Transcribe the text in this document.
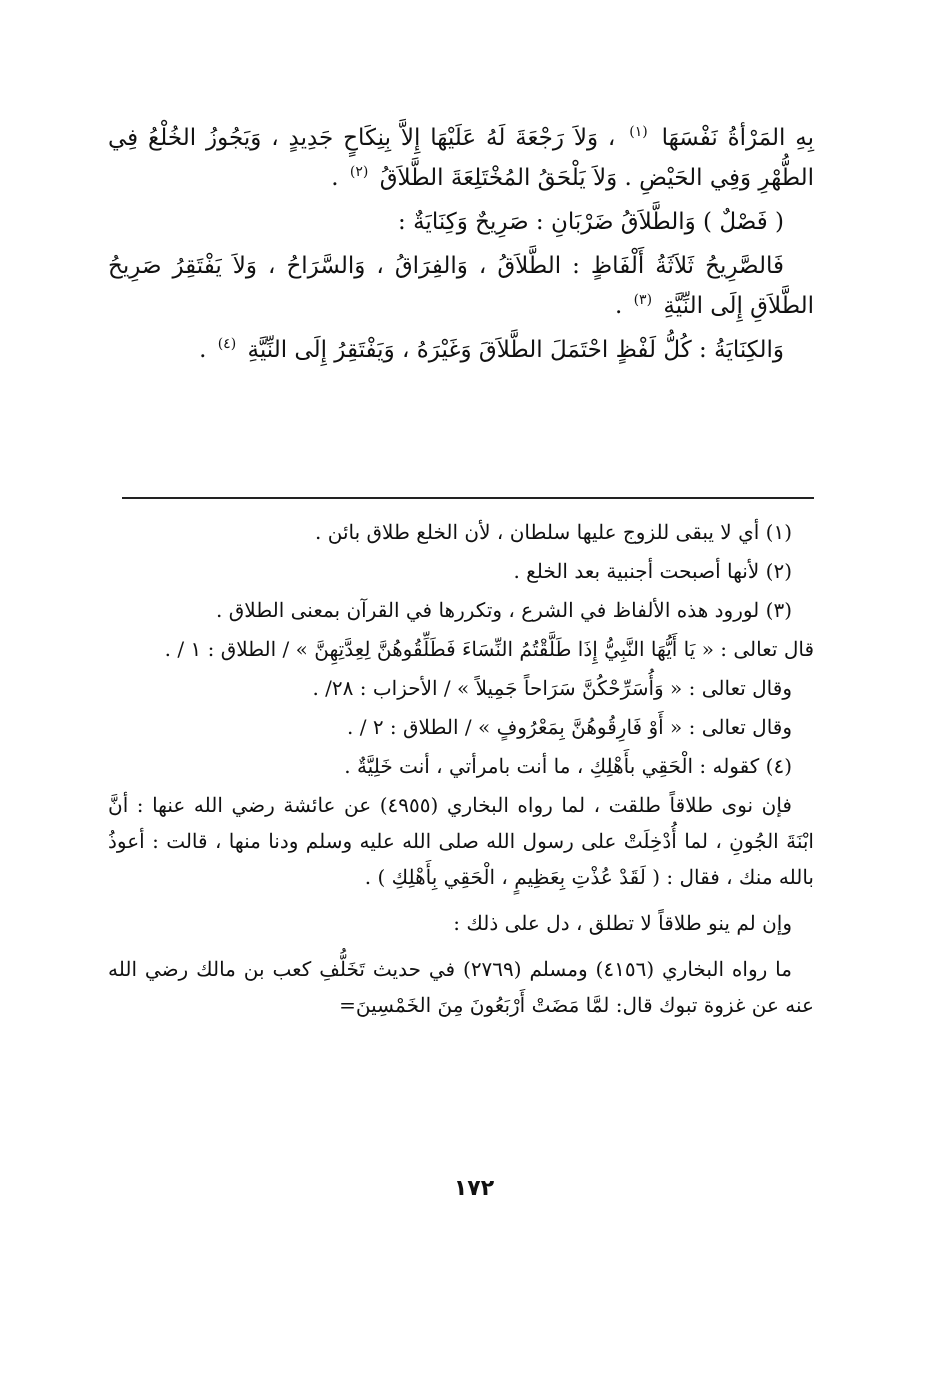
بِهِ المَرْأةُ نَفْسَهَا $^{(١)}$ ، وَلاَ رَجْعَةَ لَهُ عَلَيْهَا إِلاَّ بِنِكَاحٍ جَدِيدٍ ، وَيَجُوزُ الخُلْعُ فِي الطُّهْرِ وَفِي الحَيْضِ . وَلاَ يَلْحَقُ المُخْتَلِعَةَ الطَّلاَقُ $^{(٢)}$ .

( فَصْلٌ ) وَالطَّلاَقُ ضَرْبَانِ : صَرِيحٌ وَكِنَايَةٌ :

فَالصَّرِيحُ ثَلاَثَةُ أَلْفَاظٍ : الطَّلاَقُ ، وَالفِرَاقُ ، وَالسَّرَاحُ ، وَلاَ يَفْتَقِرُ صَرِيحُ الطَّلاَقِ إِلَى النِّيَّةِ $^{(٣)}$ .

وَالكِنَايَةُ : كُلُّ لَفْظٍ احْتَمَلَ الطَّلاَقَ وَغَيْرَهُ ، وَيَفْتَقِرُ إِلَى النِّيَّةِ $^{(٤)}$ .

(١) أي لا يبقى للزوج عليها سلطان ، لأن الخلع طلاق بائن .

(٢) لأنها أصبحت أجنبية بعد الخلع .

(٣) لورود هذه الألفاظ في الشرع ، وتكررها في القرآن بمعنى الطلاق .

قال تعالى : « يَا أَيُّهَا النَّبِيُّ إِذَا طَلَّقْتُمُ النِّسَاءَ فَطَلِّقُوهُنَّ لِعِدَّتِهِنَّ » / الطلاق : ١ / .

وقال تعالى : « وَأُسَرِّحْكُنَّ سَرَاحاً جَمِيلاً » / الأحزاب : ٢٨/ .

وقال تعالى : « أَوْ فَارِقُوهُنَّ بِمَعْرُوفٍ » / الطلاق : ٢ / .

(٤) كقوله : الْحَقِي بأَهْلِكِ ، ما أنت بامرأتي ، أنت خَلِيَّةٌ .

فإن نوى طلاقاً طلقت ، لما رواه البخاري (٤٩٥٥) عن عائشة رضي الله عنها : أنَّ ابْنَةَ الجُونِ ، لما أُدْخِلَتْ على رسول الله صلى الله عليه وسلم ودنا منها ، قالت : أعوذُ بالله منك ، فقال : ( لَقَدْ عُذْتِ بِعَظِيمٍ ، الْحَقِي بِأَهْلِكِ ) .

وإن لم ينو طلاقاً لا تطلق ، دل على ذلك :

ما رواه البخاري (٤١٥٦) ومسلم (٢٧٦٩) في حديث تَخَلُّفِ كعب بن مالك رضي الله عنه عن غزوة تبوك قال: لمَّا مَضَتْ أَرْبَعُونَ مِنَ الخَمْسِينَ=

١٧٢
